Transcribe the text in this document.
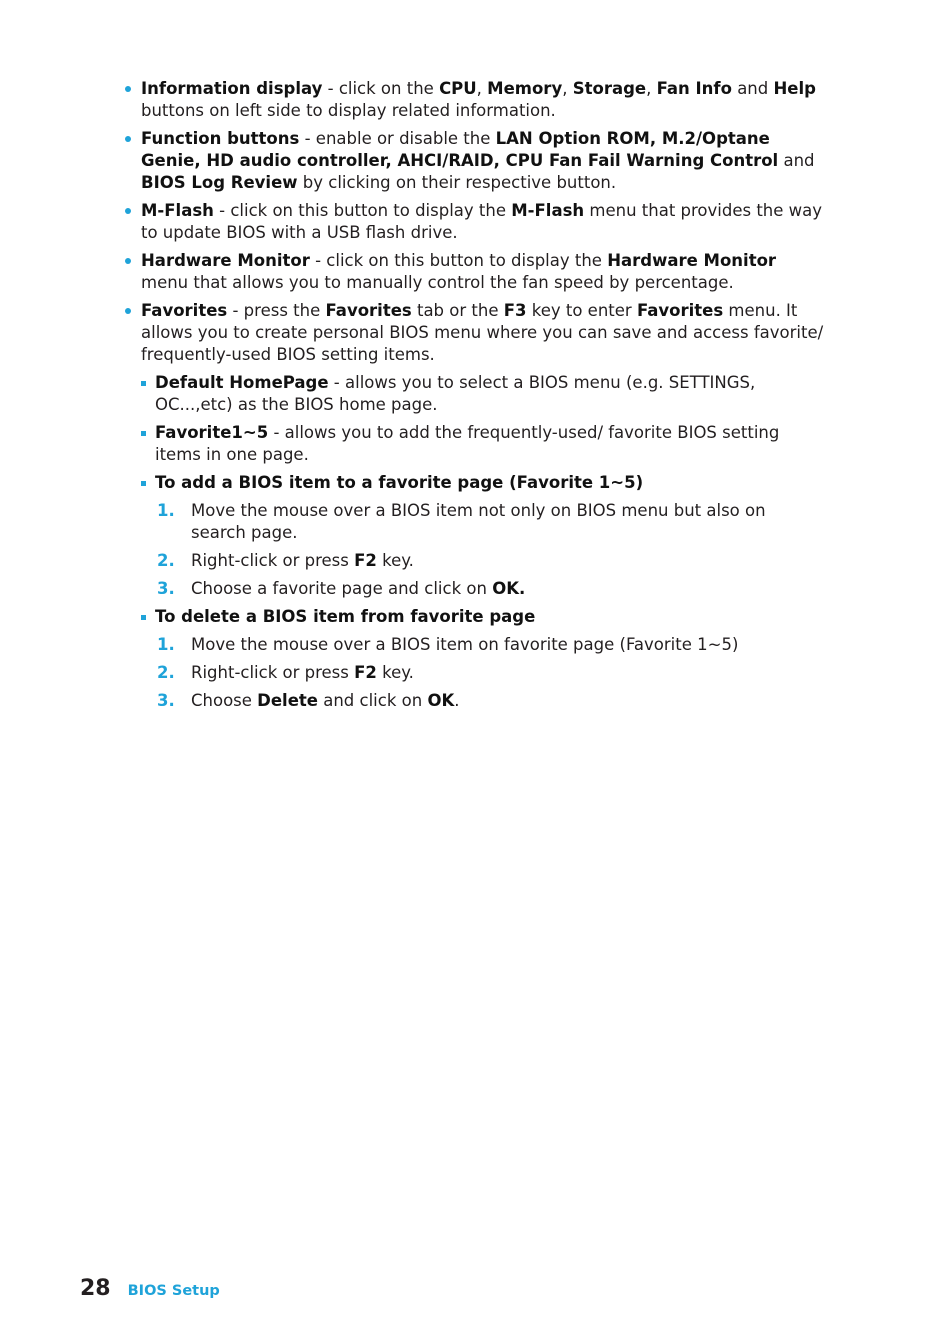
Information display - click on the CPU, Memory, Storage, Fan Info and Help buttons on left side to display related information.
Function buttons - enable or disable the LAN Option ROM, M.2/Optane Genie, HD audio controller, AHCI/RAID, CPU Fan Fail Warning Control and BIOS Log Review by clicking on their respective button.
M-Flash - click on this button to display the M-Flash menu that provides the way to update BIOS with a USB flash drive.
Hardware Monitor - click on this button to display the Hardware Monitor menu that allows you to manually control the fan speed by percentage.
Favorites - press the Favorites tab or the F3 key to enter Favorites menu. It allows you to create personal BIOS menu where you can save and access favorite/ frequently-used BIOS setting items.
Default HomePage - allows you to select a BIOS menu (e.g. SETTINGS, OC...,etc) as the BIOS home page.
Favorite1~5 - allows you to add the frequently-used/ favorite BIOS setting items in one page.
To add a BIOS item to a favorite page (Favorite 1~5)
1. Move the mouse over a BIOS item not only on BIOS menu but also on search page.
2. Right-click or press F2 key.
3. Choose a favorite page and click on OK.
To delete a BIOS item from favorite page
1. Move the mouse over a BIOS item on favorite page (Favorite 1~5)
2. Right-click or press F2 key.
3. Choose Delete and click on OK.
28 BIOS Setup
